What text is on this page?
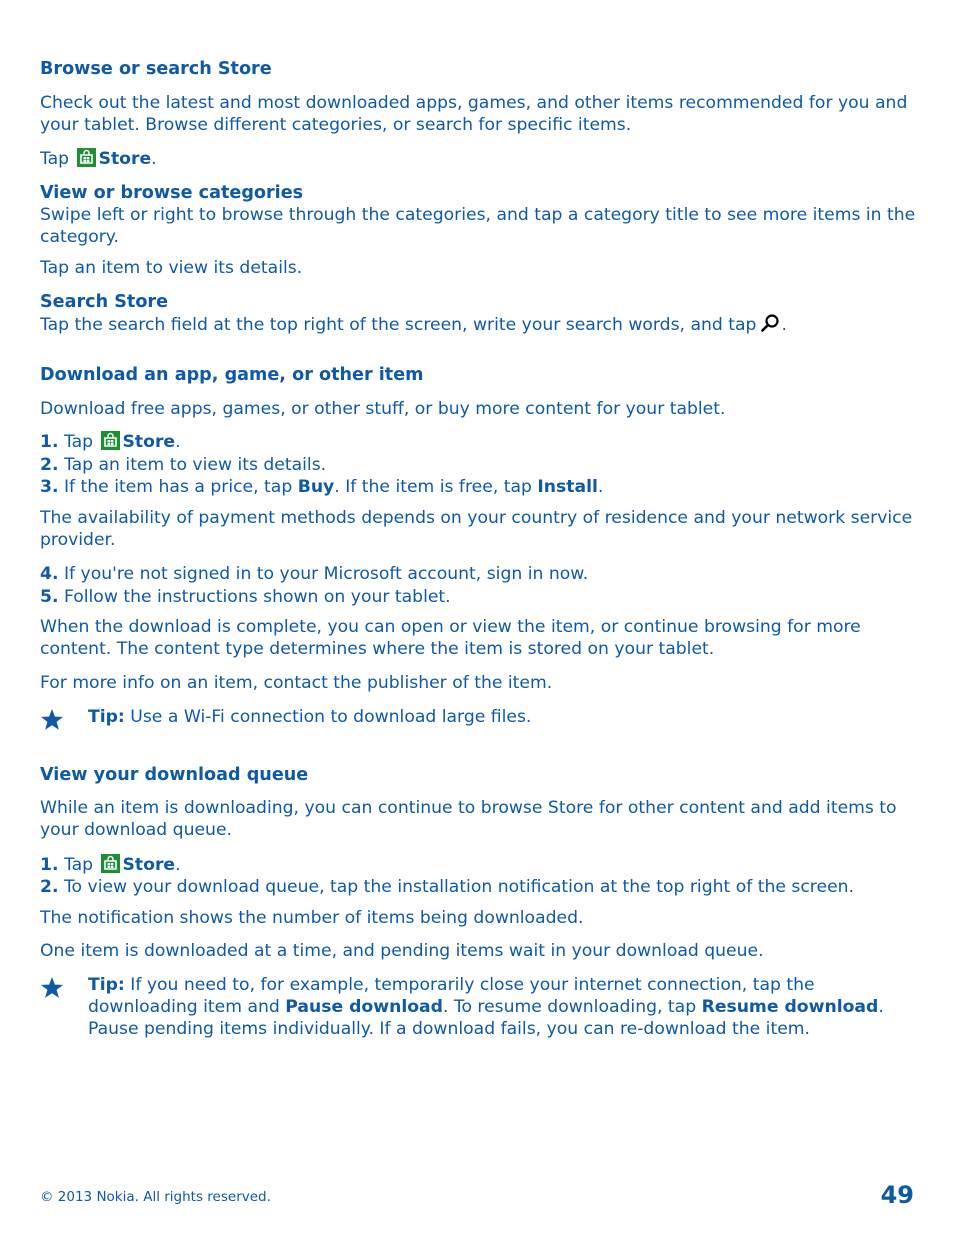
Browse or search Store

Check out the latest and most downloaded apps, games, and other items recommended for you and your tablet. Browse different categories, or search for specific items.

Tap Store.

View or browse categories

Swipe left or right to browse through the categories, and tap a category title to see more items in the category.

Tap an item to view its details.

Search Store

Tap the search field at the top right of the screen, write your search words, and tap .

Download an app, game, or other item

Download free apps, games, or other stuff, or buy more content for your tablet.

1. Tap Store.

2. Tap an item to view its details.

3. If the item has a price, tap Buy. If the item is free, tap Install.

The availability of payment methods depends on your country of residence and your network service provider.

4. If you're not signed in to your Microsoft account, sign in now.

5. Follow the instructions shown on your tablet.

When the download is complete, you can open or view the item, or continue browsing for more content. The content type determines where the item is stored on your tablet.

For more info on an item, contact the publisher of the item.

Tip: Use a Wi-Fi connection to download large files.
View your download queue

While an item is downloading, you can continue to browse Store for other content and add items to your download queue.

1. Tap Store.

2. To view your download queue, tap the installation notification at the top right of the screen.

The notification shows the number of items being downloaded.

One item is downloaded at a time, and pending items wait in your download queue.

Tip: If you need to, for example, temporarily close your internet connection, tap the downloading item and Pause download. To resume downloading, tap Resume download. Pause pending items individually. If a download fails, you can re-download the item.
© 2013 Nokia. All rights reserved.	49
